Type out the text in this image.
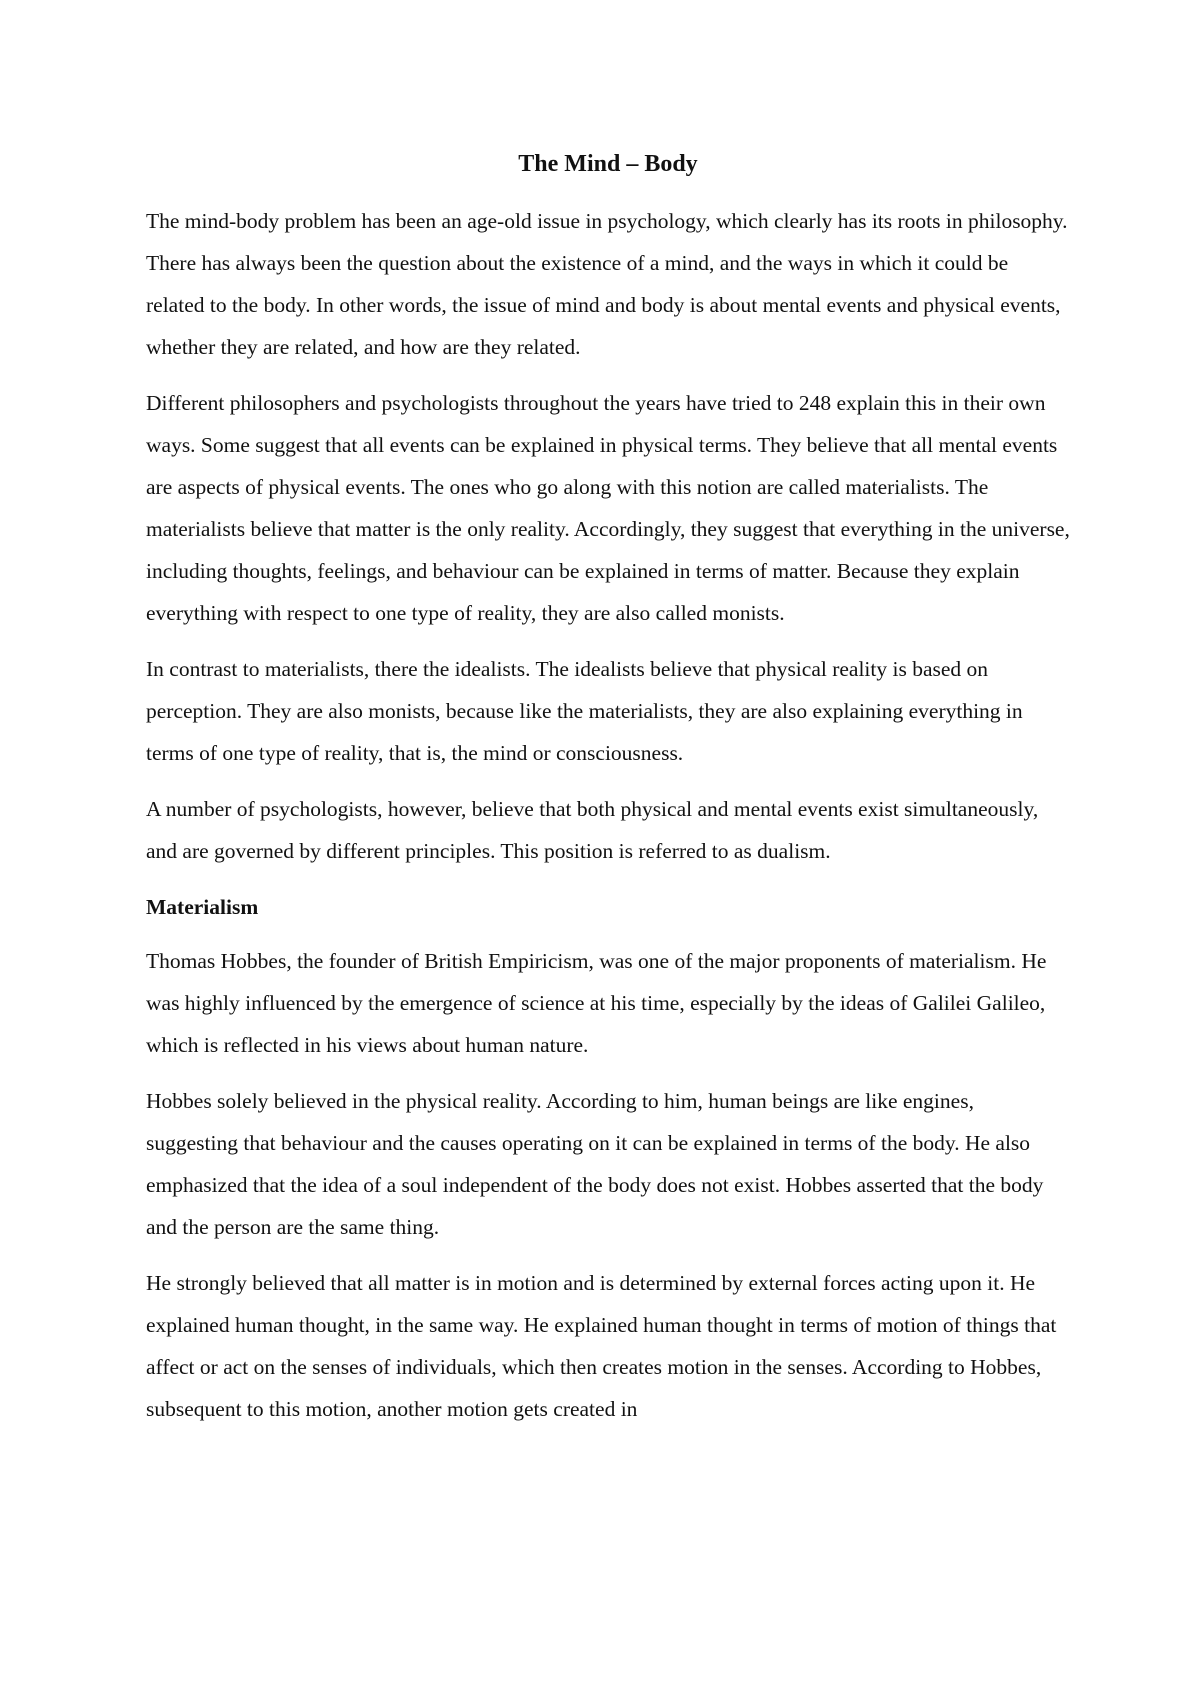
The Mind – Body

The mind-body problem has been an age-old issue in psychology, which clearly has its roots in philosophy. There has always been the question about the existence of a mind, and the ways in which it could be related to the body. In other words, the issue of mind and body is about mental events and physical events, whether they are related, and how are they related.

Different philosophers and psychologists throughout the years have tried to 248 explain this in their own ways. Some suggest that all events can be explained in physical terms. They believe that all mental events are aspects of physical events. The ones who go along with this notion are called materialists. The materialists believe that matter is the only reality. Accordingly, they suggest that everything in the universe, including thoughts, feelings, and behaviour can be explained in terms of matter. Because they explain everything with respect to one type of reality, they are also called monists.

In contrast to materialists, there the idealists. The idealists believe that physical reality is based on perception. They are also monists, because like the materialists, they are also explaining everything in terms of one type of reality, that is, the mind or consciousness.

A number of psychologists, however, believe that both physical and mental events exist simultaneously, and are governed by different principles. This position is referred to as dualism.

Materialism

Thomas Hobbes, the founder of British Empiricism, was one of the major proponents of materialism. He was highly influenced by the emergence of science at his time, especially by the ideas of Galilei Galileo, which is reflected in his views about human nature.

Hobbes solely believed in the physical reality. According to him, human beings are like engines, suggesting that behaviour and the causes operating on it can be explained in terms of the body. He also emphasized that the idea of a soul independent of the body does not exist. Hobbes asserted that the body and the person are the same thing.

He strongly believed that all matter is in motion and is determined by external forces acting upon it. He explained human thought, in the same way. He explained human thought in terms of motion of things that affect or act on the senses of individuals, which then creates motion in the senses. According to Hobbes, subsequent to this motion, another motion gets created in
